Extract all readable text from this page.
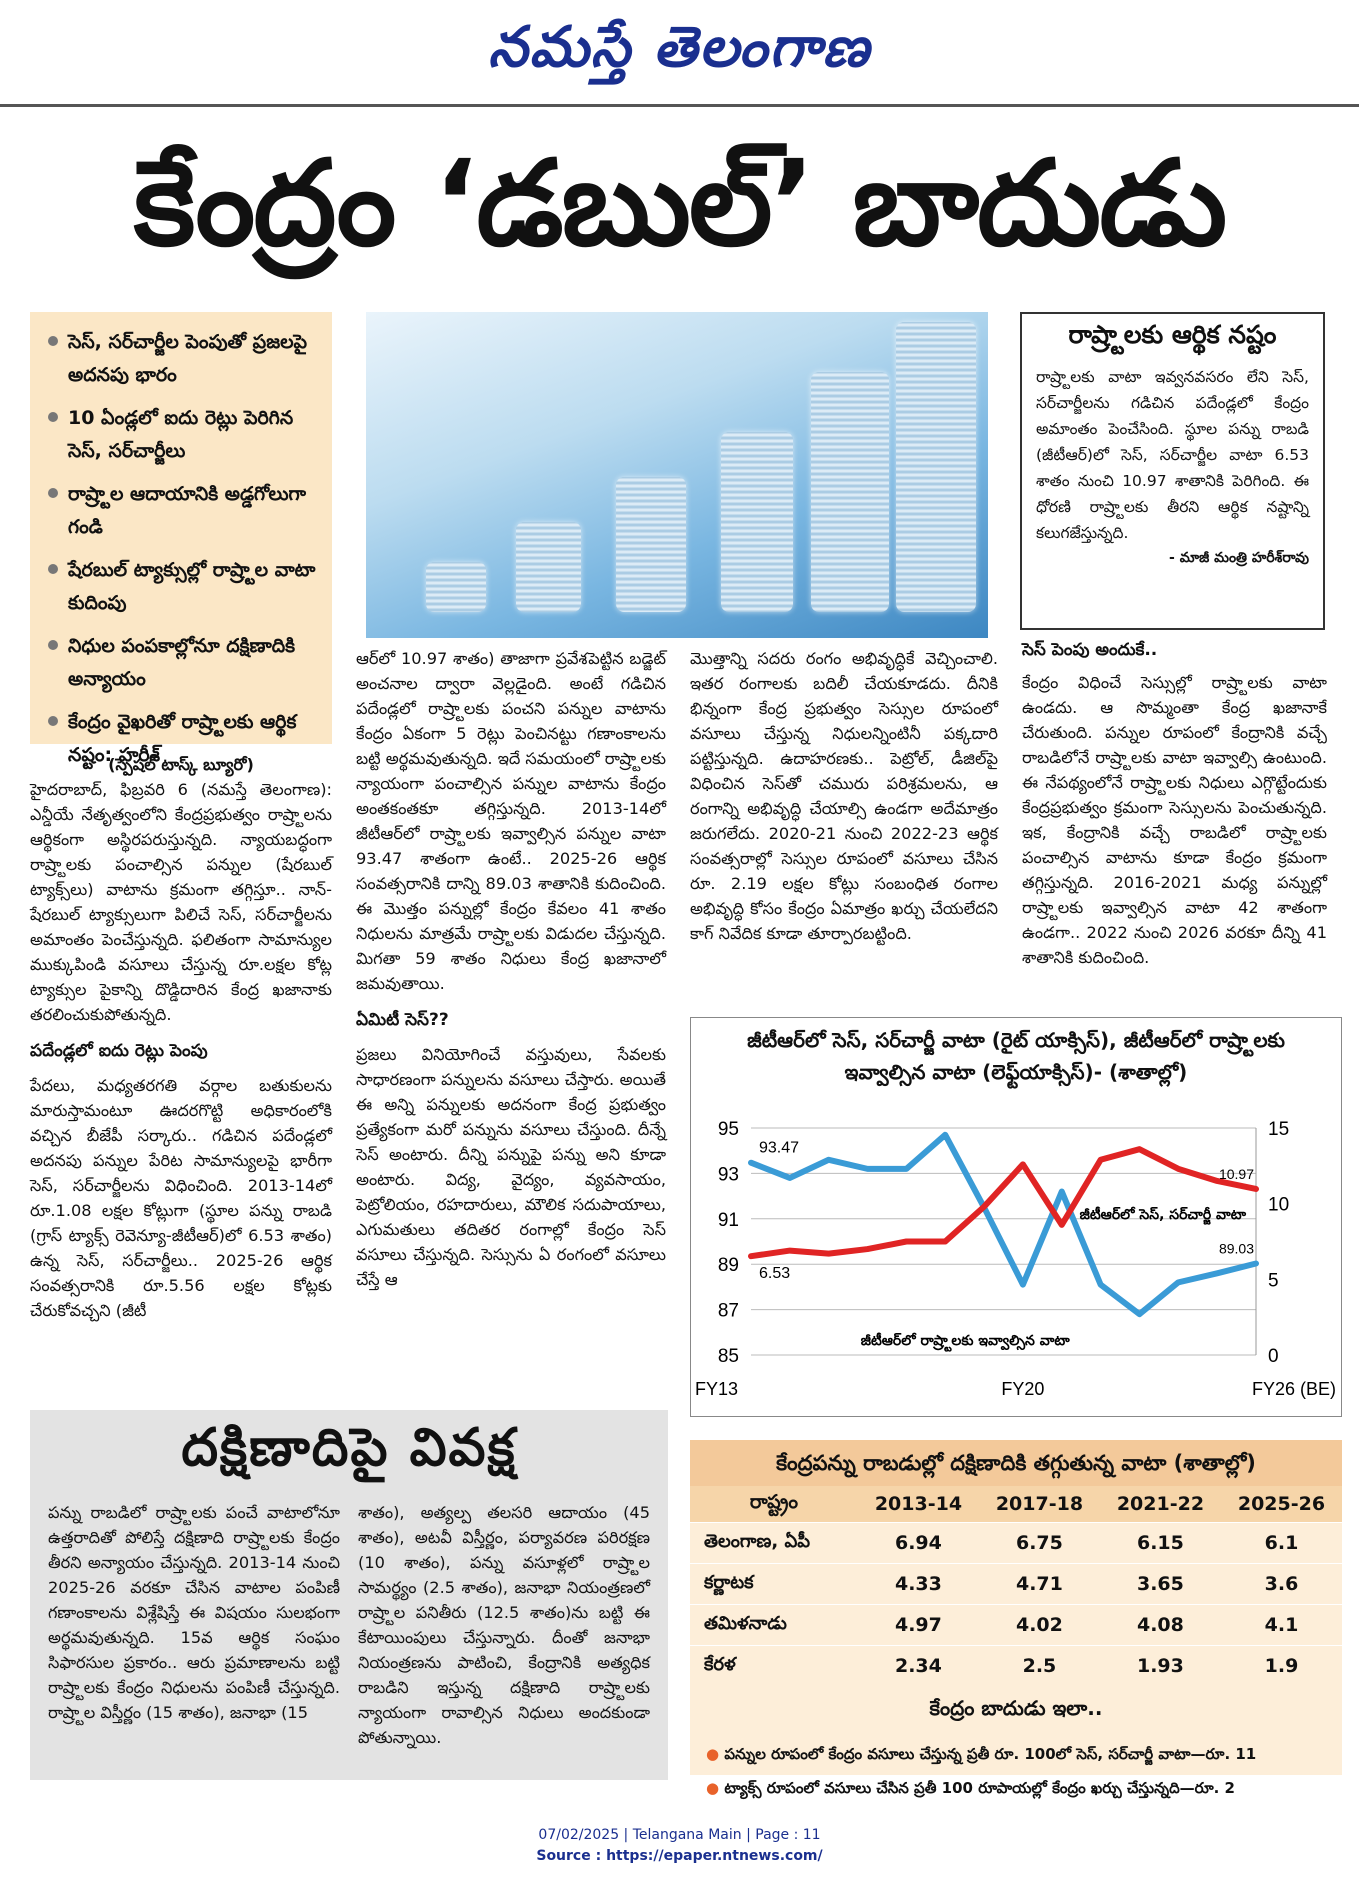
నమస్తే తెలంగాణ
కేంద్రం ‘డబుల్’ బాదుడు
సెస్, సర్‌చార్జీల పెంపుతో ప్రజలపై అదనపు భారం
10 ఏండ్లలో ఐదు రెట్లు పెరిగిన సెస్, సర్‌చార్జీలు
రాష్ర్టాల ఆదాయానికి అడ్డగోలుగా గండి
షేరబుల్ ట్యాక్సుల్లో రాష్ర్టాల వాటా కుదింపు
నిధుల పంపకాల్లోనూ దక్షిణాదికి అన్యాయం
కేంద్రం వైఖరితో రాష్ర్టాలకు ఆర్థిక నష్టం: హరీశ్
(స్పెషల్ టాస్క్ బ్యూరో)
హైదరాబాద్, ఫిబ్రవరి 6 (నమస్తే తెలంగాణ): ఎన్డీయే నేతృత్వంలోని కేంద్రప్రభుత్వం రాష్ర్టాలను ఆర్థికంగా అస్థిరపరుస్తున్నది. న్యాయబద్ధంగా రాష్ర్టాలకు పంచాల్సిన పన్నుల (షేరబుల్ ట్యాక్స్‌లు) వాటాను క్రమంగా తగ్గిస్తూ.. నాన్-షేరబుల్ ట్యాక్సులుగా పిలిచే సెస్, సర్‌చార్జీలను అమాంతం పెంచేస్తున్నది. ఫలితంగా సామాన్యుల ముక్కుపిండి వసూలు చేస్తున్న రూ.లక్షల కోట్ల ట్యాక్సుల పైకాన్ని దొడ్డిదారిన కేంద్ర ఖజానాకు తరలించుకుపోతున్నది.
పదేండ్లలో ఐదు రెట్లు పెంపు
పేదలు, మధ్యతరగతి వర్గాల బతుకులను మారుస్తామంటూ ఊదరగొట్టి అధికారంలోకి వచ్చిన బీజేపీ సర్కారు.. గడిచిన పదేండ్లలో అదనపు పన్నుల పేరిట సామాన్యులపై భారీగా సెస్, సర్‌చార్జీలను విధించింది. 2013-14లో రూ.1.08 లక్షల కోట్లుగా (స్థూల పన్ను రాబడి (గ్రాస్ ట్యాక్స్ రెవెన్యూ-జీటీఆర్)లో 6.53 శాతం) ఉన్న సెస్, సర్‌చార్జీలు.. 2025-26 ఆర్థిక సంవత్సరానికి రూ.5.56 లక్షల కోట్లకు చేరుకోవచ్చని (జీటీ
ఆర్‌లో 10.97 శాతం) తాజాగా ప్రవేశపెట్టిన బడ్జెట్ అంచనాల ద్వారా వెల్లడైంది. అంటే గడిచిన పదేండ్లలో రాష్ర్టాలకు పంచని పన్నుల వాటాను కేంద్రం ఏకంగా 5 రెట్లు పెంచినట్టు గణాంకాలను బట్టి అర్థమవుతున్నది. ఇదే సమయంలో రాష్ర్టాలకు న్యాయంగా పంచాల్సిన పన్నుల వాటాను కేంద్రం అంతకంతకూ తగ్గిస్తున్నది. 2013-14లో జీటీఆర్‌లో రాష్ర్టాలకు ఇవ్వాల్సిన పన్నుల వాటా 93.47 శాతంగా ఉంటే.. 2025-26 ఆర్థిక సంవత్సరానికి దాన్ని 89.03 శాతానికి కుదించింది. ఈ మొత్తం పన్నుల్లో కేంద్రం కేవలం 41 శాతం నిధులను మాత్రమే రాష్ర్టాలకు విడుదల చేస్తున్నది. మిగతా 59 శాతం నిధులు కేంద్ర ఖజానాలో జమవుతాయి.
ఏమిటీ సెస్??
ప్రజలు వినియోగించే వస్తువులు, సేవలకు సాధారణంగా పన్నులను వసూలు చేస్తారు. అయితే ఈ అన్ని పన్నులకు అదనంగా కేంద్ర ప్రభుత్వం ప్రత్యేకంగా మరో పన్నును వసూలు చేస్తుంది. దీన్నే సెస్ అంటారు. దీన్ని పన్నుపై పన్ను అని కూడా అంటారు. విద్య, వైద్యం, వ్యవసాయం, పెట్రోలియం, రహదారులు, మౌలిక సదుపాయాలు, ఎగుమతులు తదితర రంగాల్లో కేంద్రం సెస్ వసూలు చేస్తున్నది. సెస్సును ఏ రంగంలో వసూలు చేస్తే ఆ
మొత్తాన్ని సదరు రంగం అభివృద్ధికే వెచ్చించాలి. ఇతర రంగాలకు బదిలీ చేయకూడదు. దీనికి భిన్నంగా కేంద్ర ప్రభుత్వం సెస్సుల రూపంలో వసూలు చేస్తున్న నిధులన్నింటినీ పక్కదారి పట్టిస్తున్నది. ఉదాహరణకు.. పెట్రోల్, డీజిల్‌పై విధించిన సెస్‌తో చమురు పరిశ్రమలను, ఆ రంగాన్ని అభివృద్ధి చేయాల్సి ఉండగా అదేమాత్రం జరుగలేదు. 2020-21 నుంచి 2022-23 ఆర్థిక సంవత్సరాల్లో సెస్సుల రూపంలో వసూలు చేసిన రూ. 2.19 లక్షల కోట్లు సంబంధిత రంగాల అభివృద్ధి కోసం కేంద్రం ఏమాత్రం ఖర్చు చేయలేదని కాగ్ నివేదిక కూడా తూర్పారబట్టింది.
రాష్ర్టాలకు ఆర్థిక నష్టం
రాష్ర్టాలకు వాటా ఇవ్వనవసరం లేని సెస్, సర్‌చార్జీలను గడిచిన పదేండ్లలో కేంద్రం అమాంతం పెంచేసింది. స్థూల పన్ను రాబడి (జీటీఆర్)లో సెస్, సర్‌చార్జీల వాటా 6.53 శాతం నుంచి 10.97 శాతానికి పెరిగింది. ఈ ధోరణి రాష్ర్టాలకు తీరని ఆర్థిక నష్టాన్ని కలుగజేస్తున్నది.
- మాజీ మంత్రి హరీశ్‌రావు
సెస్ పెంపు అందుకే..
కేంద్రం విధించే సెస్సుల్లో రాష్ర్టాలకు వాటా ఉండదు. ఆ సొమ్మంతా కేంద్ర ఖజానాకే చేరుతుంది. పన్నుల రూపంలో కేంద్రానికి వచ్చే రాబడిలోనే రాష్ర్టాలకు వాటా ఇవ్వాల్సి ఉంటుంది. ఈ నేపథ్యంలోనే రాష్ర్టాలకు నిధులు ఎగ్గొట్టేందుకు కేంద్రప్రభుత్వం క్రమంగా సెస్సులను పెంచుతున్నది. ఇక, కేంద్రానికి వచ్చే రాబడిలో రాష్ర్టాలకు పంచాల్సిన వాటాను కూడా కేంద్రం క్రమంగా తగ్గిస్తున్నది. 2016-2021 మధ్య పన్నుల్లో రాష్ర్టాలకు ఇవ్వాల్సిన వాటా 42 శాతంగా ఉండగా.. 2022 నుంచి 2026 వరకూ దీన్ని 41 శాతానికి కుదించింది.
జీటీఆర్‌లో సెస్, సర్‌చార్జీ వాటా (రైట్ యాక్సిస్), జీటీఆర్‌లో రాష్ర్టాలకు ఇవ్వాల్సిన వాటా (లెఫ్ట్‌యాక్సిస్)- (శాతాల్లో)
85
87
89
91
93
95
0
5
10
15
FY13	FY20	FY26 (BE)
93.47
89.03
6.53
10.97
జీటీఆర్‌లో సెస్, సర్‌చార్జీ వాటా
జీటీఆర్‌లో రాష్ర్టాలకు ఇవ్వాల్సిన వాటా
దక్షిణాదిపై వివక్ష
పన్ను రాబడిలో రాష్ర్టాలకు పంచే వాటాలోనూ ఉత్తరాదితో పోలిస్తే దక్షిణాది రాష్ర్టాలకు కేంద్రం తీరని అన్యాయం చేస్తున్నది. 2013-14 నుంచి 2025-26 వరకూ చేసిన వాటాల పంపిణీ గణాంకాలను విశ్లేషిస్తే ఈ విషయం సులభంగా అర్థమవుతున్నది. 15వ ఆర్థిక సంఘం సిఫారసుల ప్రకారం.. ఆరు ప్రమాణాలను బట్టి రాష్ర్టాలకు కేంద్రం నిధులను పంపిణీ చేస్తున్నది. రాష్ర్టాల విస్తీర్ణం (15 శాతం), జనాభా (15
శాతం), అత్యల్ప తలసరి ఆదాయం (45 శాతం), అటవీ విస్తీర్ణం, పర్యావరణ పరిరక్షణ (10 శాతం), పన్ను వసూళ్లలో రాష్ర్టాల సామర్థ్యం (2.5 శాతం), జనాభా నియంత్రణలో రాష్ర్టాల పనితీరు (12.5 శాతం)ను బట్టి ఈ కేటాయింపులు చేస్తున్నారు. దీంతో జనాభా నియంత్రణను పాటించి, కేంద్రానికి అత్యధిక రాబడిని ఇస్తున్న దక్షిణాది రాష్ర్టాలకు న్యాయంగా రావాల్సిన నిధులు అందకుండా పోతున్నాయి.
కేంద్రపన్ను రాబడుల్లో దక్షిణాదికి తగ్గుతున్న వాటా (శాతాల్లో)
రాష్ట్రం	2013-14	2017-18	2021-22	2025-26
తెలంగాణ, ఏపీ	6.94	6.75	6.15	6.1
కర్ణాటక	4.33	4.71	3.65	3.6
తమిళనాడు	4.97	4.02	4.08	4.1
కేరళ	2.34	2.5	1.93	1.9
కేంద్రం బాదుడు ఇలా..
● పన్నుల రూపంలో కేంద్రం వసూలు చేస్తున్న ప్రతీ రూ. 100లో సెస్, సర్‌చార్జీ వాటా—రూ. 11
● ట్యాక్స్ రూపంలో వసూలు చేసిన ప్రతీ 100 రూపాయల్లో కేంద్రం ఖర్చు చేస్తున్నది—రూ. 2
07/02/2025 | Telangana Main | Page : 11
Source : https://epaper.ntnews.com/
